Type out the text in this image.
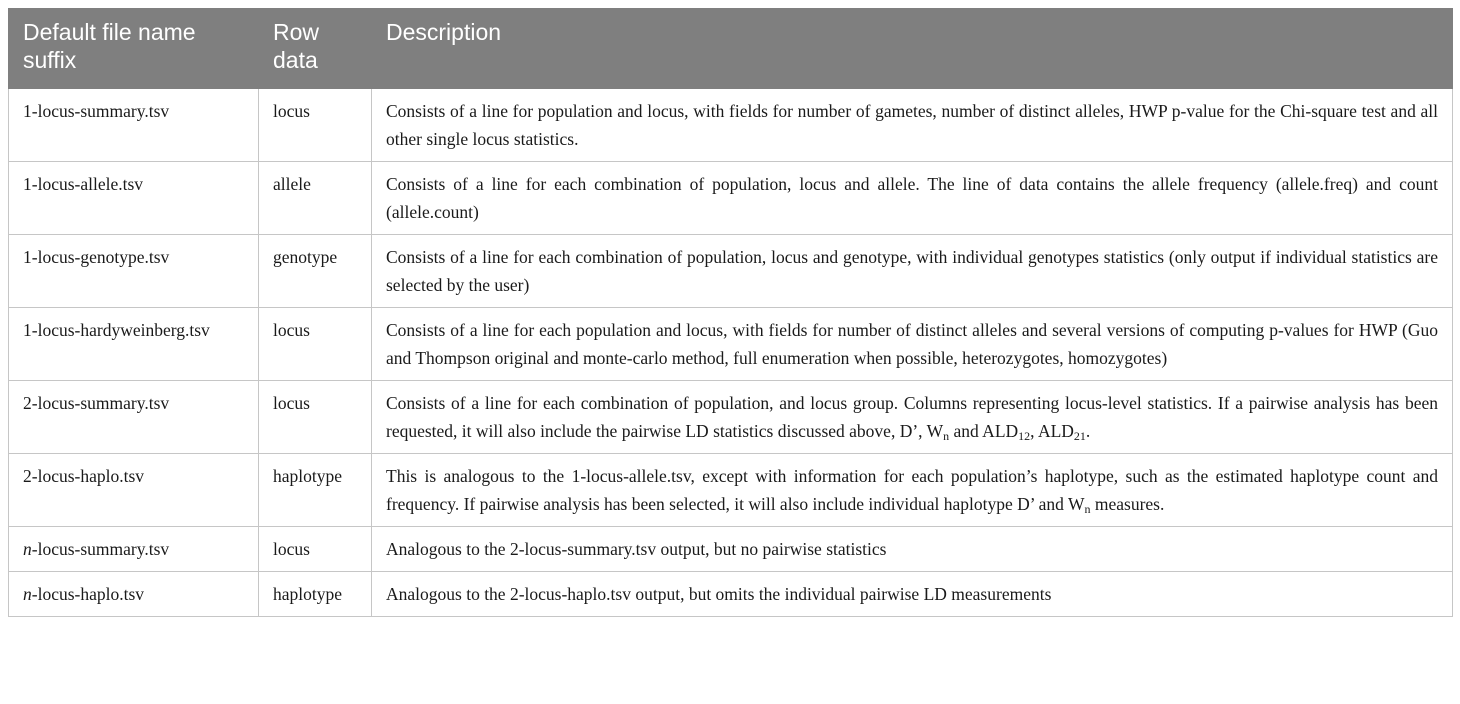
Default file name suffix	Row data	Description
1-locus-summary.tsv	locus	Consists of a line for population and locus, with fields for number of gametes, number of distinct alleles, HWP p-value for the Chi-square test and all other single locus statistics.
1-locus-allele.tsv	allele	Consists of a line for each combination of population, locus and allele. The line of data contains the allele frequency (allele.freq) and count (allele.count)
1-locus-genotype.tsv	genotype	Consists of a line for each combination of population, locus and genotype, with individual genotypes statistics (only output if individual statistics are selected by the user)
1-locus-hardyweinberg.tsv	locus	Consists of a line for each population and locus, with fields for number of distinct alleles and several versions of computing p-values for HWP (Guo and Thompson original and monte-carlo method, full enumeration when possible, heterozygotes, homozygotes)
2-locus-summary.tsv	locus	Consists of a line for each combination of population, and locus group. Columns representing locus-level statistics. If a pairwise analysis has been requested, it will also include the pairwise LD statistics discussed above, D’, $W_n$ and $ALD_{12}$, $ALD_{21}$.
2-locus-haplo.tsv	haplotype	This is analogous to the 1-locus-allele.tsv, except with information for each population’s haplotype, such as the estimated haplotype count and frequency. If pairwise analysis has been selected, it will also include individual haplotype D’ and $W_n$ measures.
n-locus-summary.tsv	locus	Analogous to the 2-locus-summary.tsv output, but no pairwise statistics
n-locus-haplo.tsv	haplotype	Analogous to the 2-locus-haplo.tsv output, but omits the individual pairwise LD measurements
